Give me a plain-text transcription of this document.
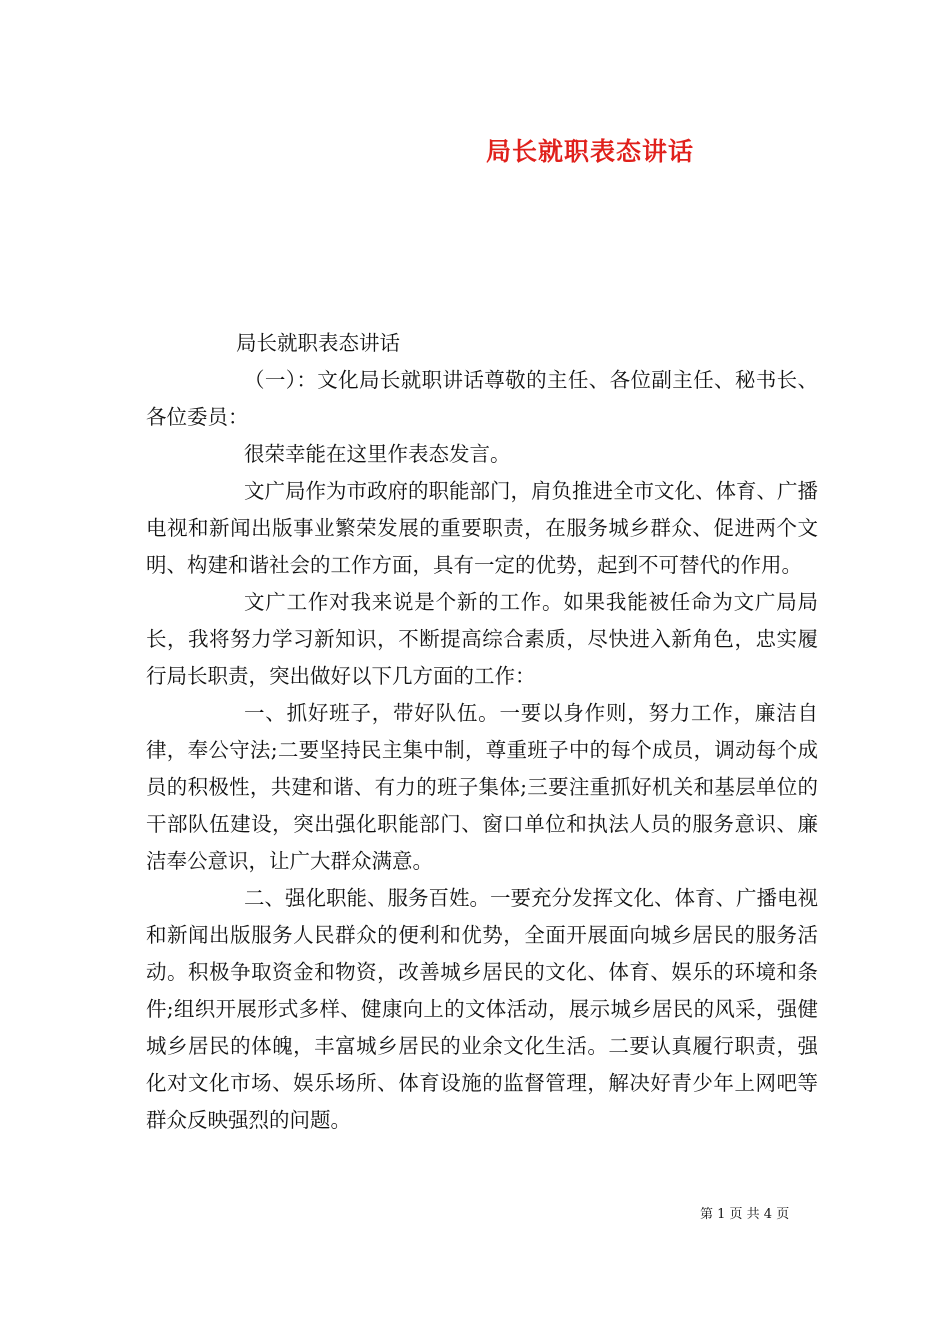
局长就职表态讲话

局长就职表态讲话

（一）：文化局长就职讲话尊敬的主任、各位副主任、秘书长、各位委员：

很荣幸能在这里作表态发言。

文广局作为市政府的职能部门，肩负推进全市文化、体育、广播电视和新闻出版事业繁荣发展的重要职责，在服务城乡群众、促进两个文明、构建和谐社会的工作方面，具有一定的优势，起到不可替代的作用。

文广工作对我来说是个新的工作。如果我能被任命为文广局局长，我将努力学习新知识，不断提高综合素质，尽快进入新角色，忠实履行局长职责，突出做好以下几方面的工作：

一、抓好班子，带好队伍。一要以身作则，努力工作，廉洁自律，奉公守法;二要坚持民主集中制，尊重班子中的每个成员，调动每个成员的积极性，共建和谐、有力的班子集体;三要注重抓好机关和基层单位的干部队伍建设，突出强化职能部门、窗口单位和执法人员的服务意识、廉洁奉公意识，让广大群众满意。

二、强化职能、服务百姓。一要充分发挥文化、体育、广播电视和新闻出版服务人民群众的便利和优势，全面开展面向城乡居民的服务活动。积极争取资金和物资，改善城乡居民的文化、体育、娱乐的环境和条件;组织开展形式多样、健康向上的文体活动，展示城乡居民的风采，强健城乡居民的体魄，丰富城乡居民的业余文化生活。二要认真履行职责，强化对文化市场、娱乐场所、体育设施的监督管理，解决好青少年上网吧等群众反映强烈的问题。

第 1 页 共 4 页
